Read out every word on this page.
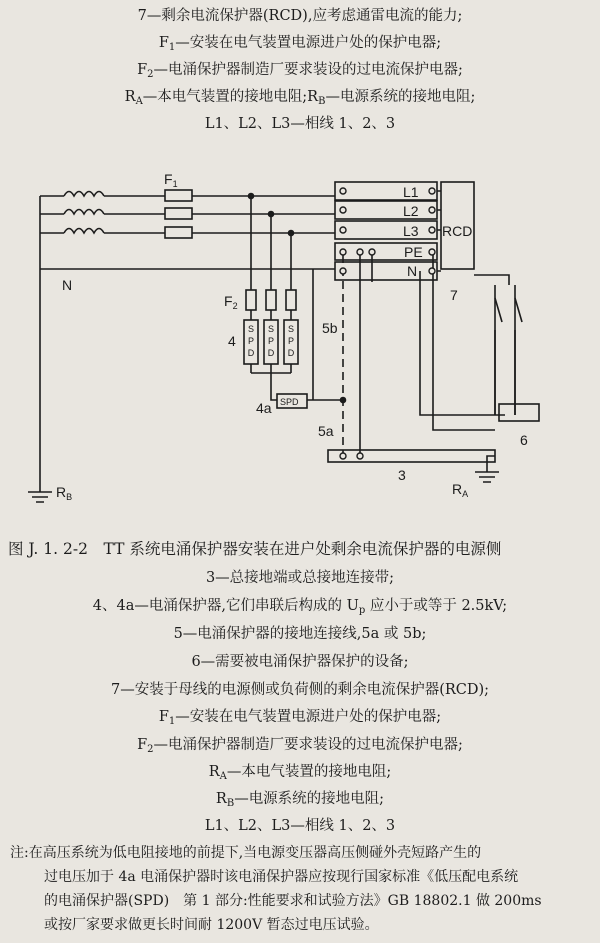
7—剩余电流保护器(RCD),应考虑通雷电流的能力;
$F_1—$安装在电气装置电源进户处的保护电器;
$F_2—$电涌保护器制造厂要求装设的过电流保护电器;
$R_A—$本电气装置的接地电阻$;R_B—$电源系统的接地电阻;
L1、L2、L3—相线 1、2、3
L1
L2
L3 RCD
PE
N
N
$F_1$
$F_2$
4
4a
5a
5b
3
6
7
$R_A$
$R_B$
SPD
S
P
D
S
P
D
S
P
D
图 J. 1. 2-2　TT 系统电涌保护器安装在进户处剩余电流保护器的电源侧
3—总接地端或总接地连接带;
4、4a—电涌保护器,它们串联后构成的 $U_p$ 应小于或等于 2.5kV;
5—电涌保护器的接地连接线,5a 或 5b;
6—需要被电涌保护器保护的设备;
7—安装于母线的电源侧或负荷侧的剩余电流保护器(RCD);
$F_1—$安装在电气装置电源进户处的保护电器;
$F_2—$电涌保护器制造厂要求装设的过电流保护电器;
$R_A—$本电气装置的接地电阻;
$R_B—$电源系统的接地电阻;
L1、L2、L3—相线 1、2、3
注:在高压系统为低电阻接地的前提下,当电源变压器高压侧碰外壳短路产生的
过电压加于 4a 电涌保护器时该电涌保护器应按现行国家标准《低压配电系统
的电涌保护器(SPD)　第 1 部分:性能要求和试验方法》GB 18802.1 做 200ms
或按厂家要求做更长时间耐 1200V 暂态过电压试验。
